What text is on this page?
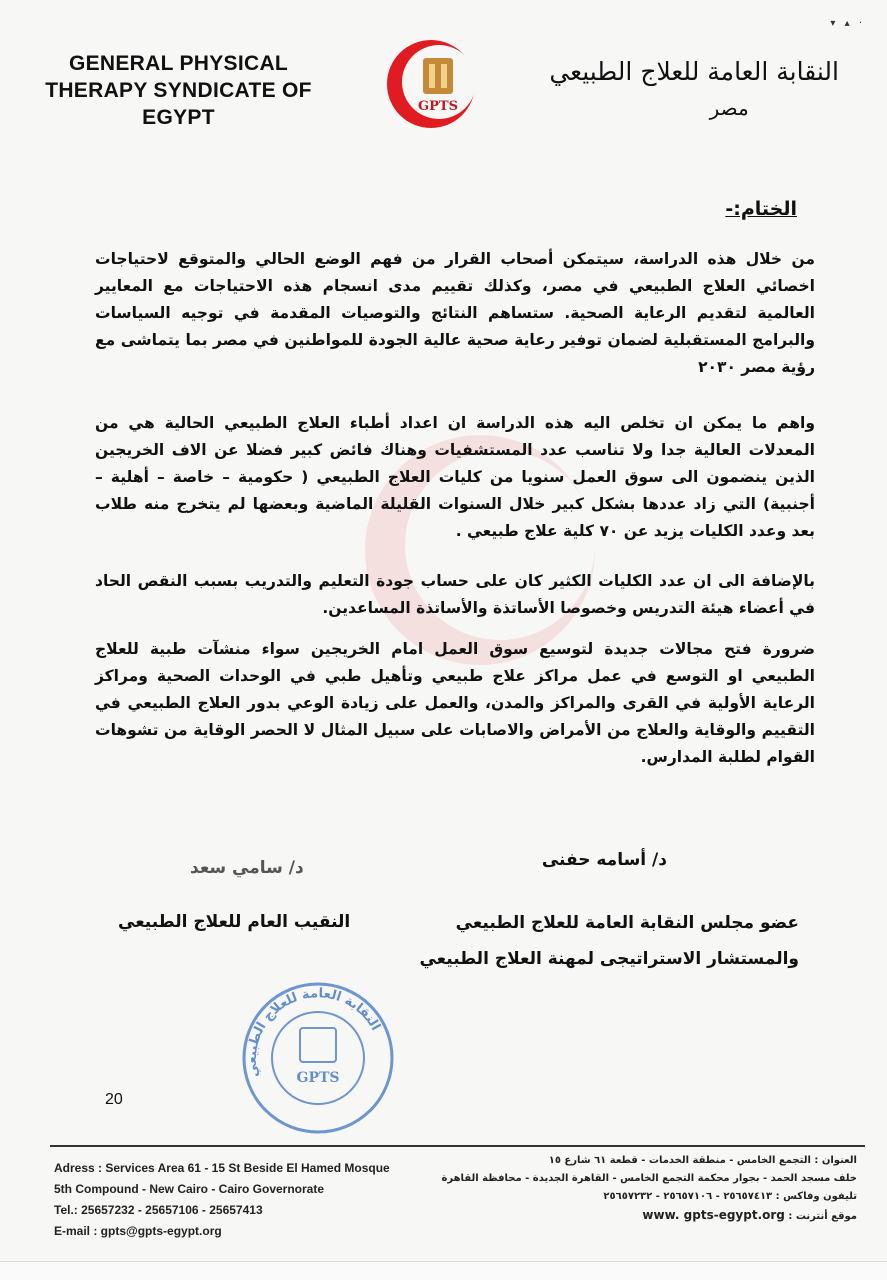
▾ ▴ ·
GENERAL PHYSICAL THERAPY SYNDICATE OF EGYPT	GPTS
النقابة العامة للعلاج الطبيعي
مصر
الختام:-

من خلال هذه الدراسة، سيتمكن أصحاب القرار من فهم الوضع الحالي والمتوقع لاحتياجات اخصائي العلاج الطبيعي في مصر، وكذلك تقييم مدى انسجام هذه الاحتياجات مع المعايير العالمية لتقديم الرعاية الصحية. ستساهم النتائج والتوصيات المقدمة في توجيه السياسات والبرامج المستقبلية لضمان توفير رعاية صحية عالية الجودة للمواطنين في مصر بما يتماشى مع رؤية مصر ٢٠٣٠

واهم ما يمكن ان تخلص اليه هذه الدراسة ان اعداد أطباء العلاج الطبيعي الحالية هي من المعدلات العالية جدا ولا تناسب عدد المستشفيات وهناك فائض كبير فضلا عن الاف الخريجين الذين ينضمون الى سوق العمل سنويا من كليات العلاج الطبيعي ( حكومية – خاصة – أهلية – أجنبية) التي زاد عددها بشكل كبير خلال السنوات القليلة الماضية وبعضها لم يتخرج منه طلاب بعد وعدد الكليات يزيد عن ٧٠ كلية علاج طبيعي .

بالإضافة الى ان عدد الكليات الكثير كان على حساب جودة التعليم والتدريب بسبب النقص الحاد في أعضاء هيئة التدريس وخصوصا الأساتذة والأساتذة المساعدين.

ضرورة فتح مجالات جديدة لتوسيع سوق العمل امام الخريجين سواء منشآت طبية للعلاج الطبيعي او التوسع في عمل مراكز علاج طبيعي وتأهيل طبي في الوحدات الصحية ومراكز الرعاية الأولية في القرى والمراكز والمدن، والعمل على زيادة الوعي بدور العلاج الطبيعي في التقييم والوقاية والعلاج من الأمراض والاصابات على سبيل المثال لا الحصر الوقاية من تشوهات القوام لطلبة المدارس.

د/ سامي سعد	د/ أسامه حفنى
النقيب العام للعلاج الطبيعي	عضو مجلس النقابة العامة للعلاج الطبيعي
والمستشار الاستراتيجى لمهنة العلاج الطبيعي
النقابة العامة للعلاج الطبيعي
GPTS
20
Adress : Services Area 61 - 15 St Beside El Hamed Mosque
5th Compound - New Cairo - Cairo Governorate
Tel.: 25657232 - 25657106 - 25657413
E-mail : gpts@gpts-egypt.org
العنوان : التجمع الخامس - منطقة الخدمات - قطعة ٦١ شارع ١٥
خلف مسجد الحمد - بجوار محكمة التجمع الخامس - القاهرة الجديدة - محافظة القاهرة
تليفون وفاكس : ٢٥٦٥٧٤١٣ - ٢٥٦٥٧١٠٦ - ٢٥٦٥٧٢٣٢
موقع أنترنت : www. gpts-egypt.org
